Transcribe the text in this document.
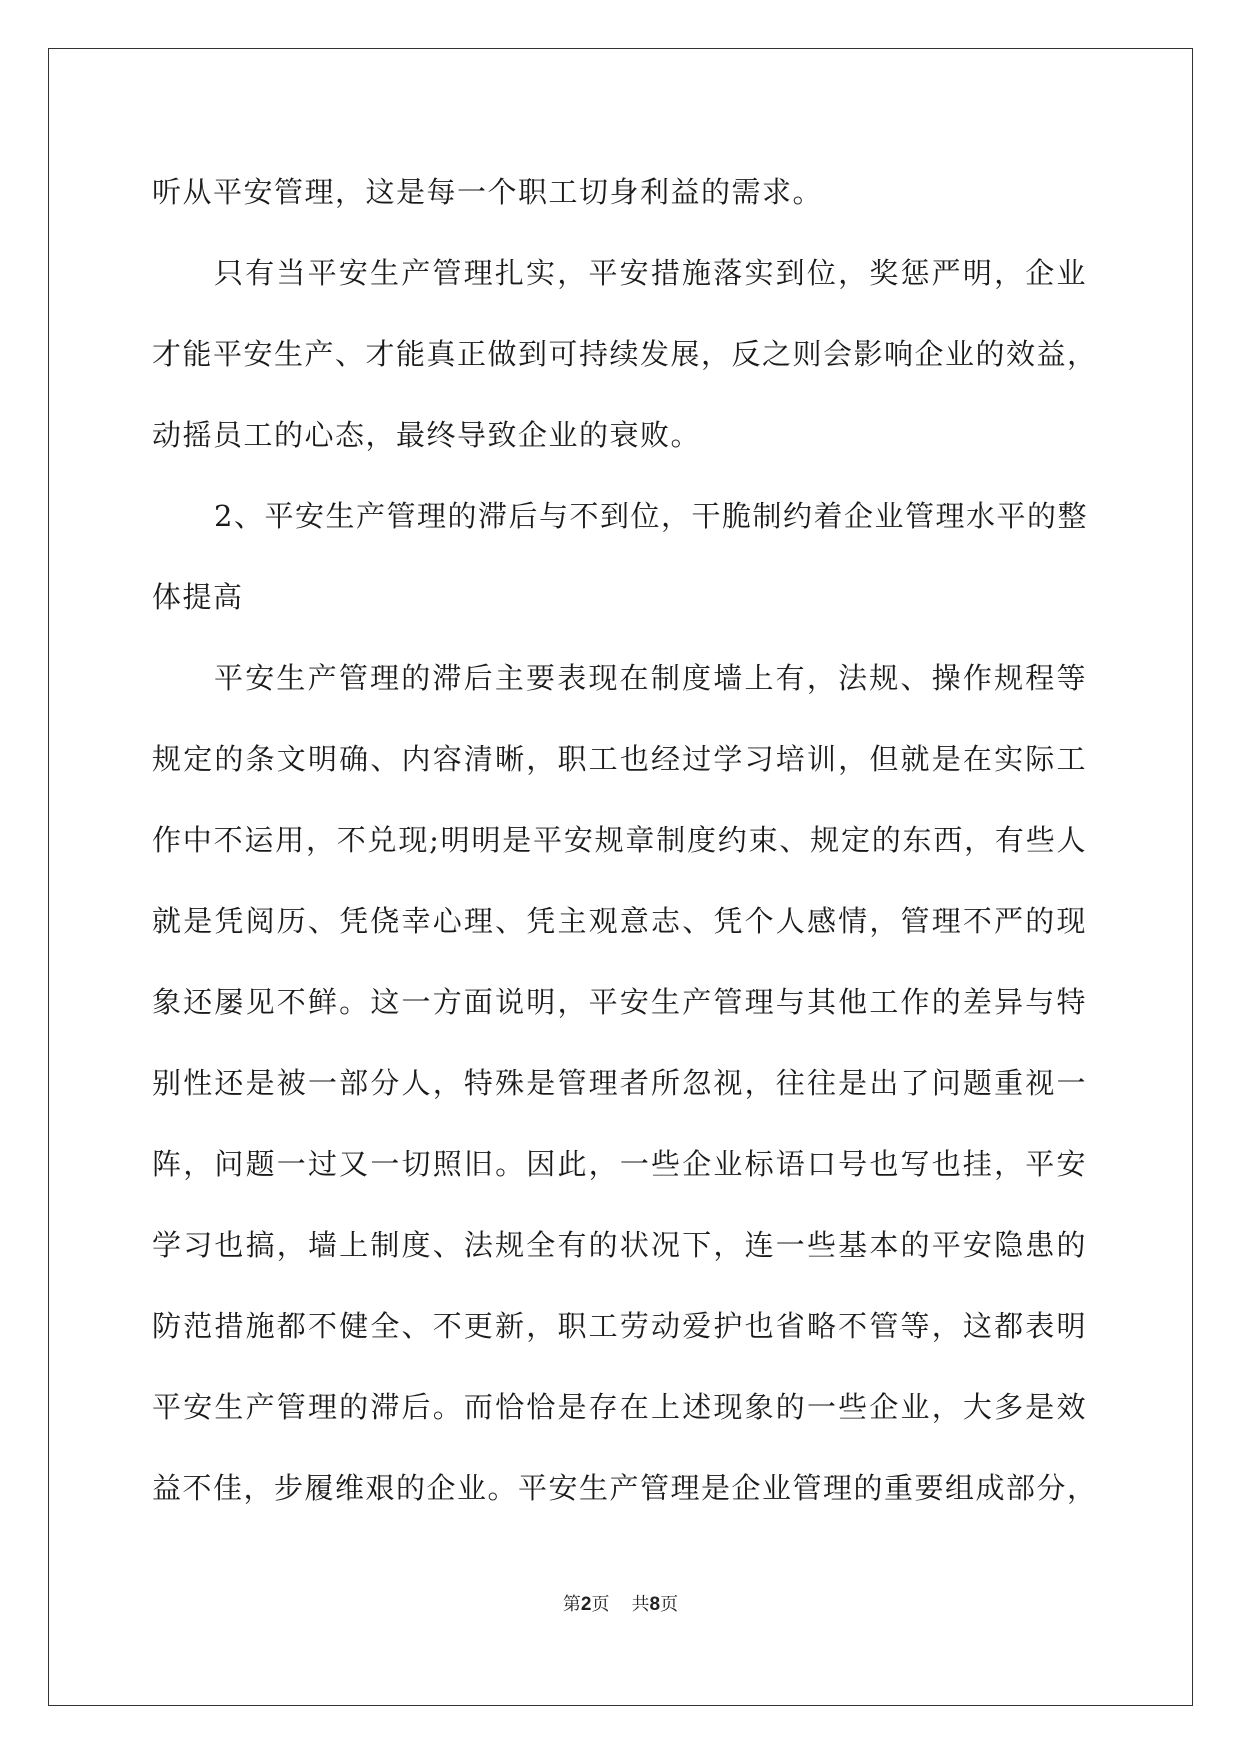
听从平安管理，这是每一个职工切身利益的需求。
只有当平安生产管理扎实，平安措施落实到位，奖惩严明，企业
才能平安生产、才能真正做到可持续发展，反之则会影响企业的效益，
动摇员工的心态，最终导致企业的衰败。
2、平安生产管理的滞后与不到位，干脆制约着企业管理水平的整
体提高
平安生产管理的滞后主要表现在制度墙上有，法规、操作规程等
规定的条文明确、内容清晰，职工也经过学习培训，但就是在实际工
作中不运用，不兑现;明明是平安规章制度约束、规定的东西，有些人
就是凭阅历、凭侥幸心理、凭主观意志、凭个人感情，管理不严的现
象还屡见不鲜。这一方面说明，平安生产管理与其他工作的差异与特
别性还是被一部分人，特殊是管理者所忽视，往往是出了问题重视一
阵，问题一过又一切照旧。因此，一些企业标语口号也写也挂，平安
学习也搞，墙上制度、法规全有的状况下，连一些基本的平安隐患的
防范措施都不健全、不更新，职工劳动爱护也省略不管等，这都表明
平安生产管理的滞后。而恰恰是存在上述现象的一些企业，大多是效
益不佳，步履维艰的企业。平安生产管理是企业管理的重要组成部分，
第2页 共8页
